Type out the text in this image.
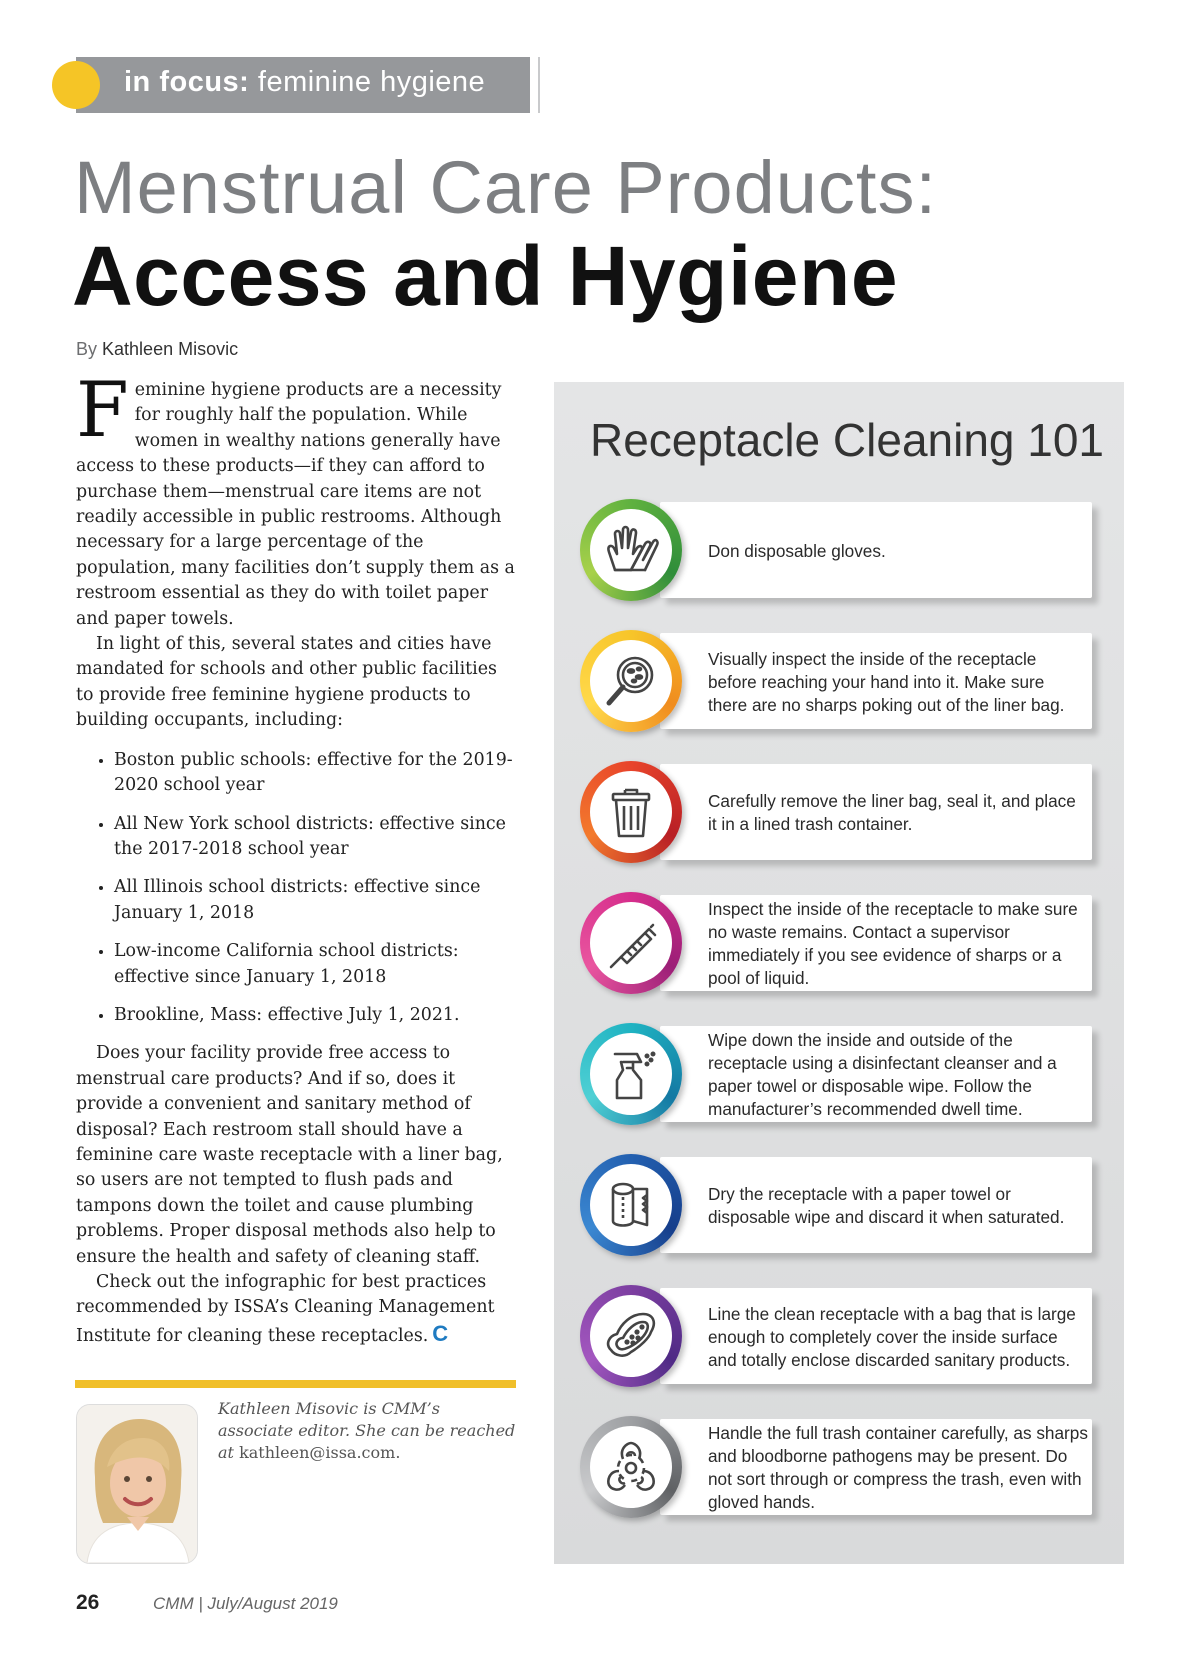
in focus: feminine hygiene
Menstrual Care Products:
Access and Hygiene
By Kathleen Misovic

Feminine hygiene products are a necessity for roughly half the population. While women in wealthy nations generally have access to these products—if they can afford to purchase them—menstrual care items are not readily accessible in public restrooms. Although necessary for a large percentage of the population, many facilities don’t supply them as a restroom essential as they do with toilet paper and paper towels.

In light of this, several states and cities have mandated for schools and other public facilities to provide free feminine hygiene products to building occupants, including:

• Boston public schools: effective for the 2019-2020 school year
• All New York school districts: effective since the 2017-2018 school year
• All Illinois school districts: effective since January 1, 2018
• Low-income California school districts: effective since January 1, 2018
• Brookline, Mass: effective July 1, 2021.

Does your facility provide free access to menstrual care products? And if so, does it provide a convenient and sanitary method of disposal? Each restroom stall should have a feminine care waste receptacle with a liner bag, so users are not tempted to flush pads and tampons down the toilet and cause plumbing problems. Proper disposal methods also help to ensure the health and safety of cleaning staff.

Check out the infographic for best practices recommended by ISSA’s Cleaning Management Institute for cleaning these receptacles. C

Kathleen Misovic is CMM’s associate editor. She can be reached at kathleen@issa.com.
26	CMM | July/August 2019
Receptacle Cleaning 101
Don disposable gloves.
Visually inspect the inside of the receptacle before reaching your hand into it. Make sure there are no sharps poking out of the liner bag.
Carefully remove the liner bag, seal it, and place it in a lined trash container.
Inspect the inside of the receptacle to make sure no waste remains. Contact a supervisor immediately if you see evidence of sharps or a pool of liquid.
Wipe down the inside and outside of the receptacle using a disinfectant cleanser and a paper towel or disposable wipe. Follow the manufacturer’s recommended dwell time.
Dry the receptacle with a paper towel or disposable wipe and discard it when saturated.
Line the clean receptacle with a bag that is large enough to completely cover the inside surface and totally enclose discarded sanitary products.
Handle the full trash container carefully, as sharps and bloodborne pathogens may be present. Do not sort through or compress the trash, even with gloved hands.
